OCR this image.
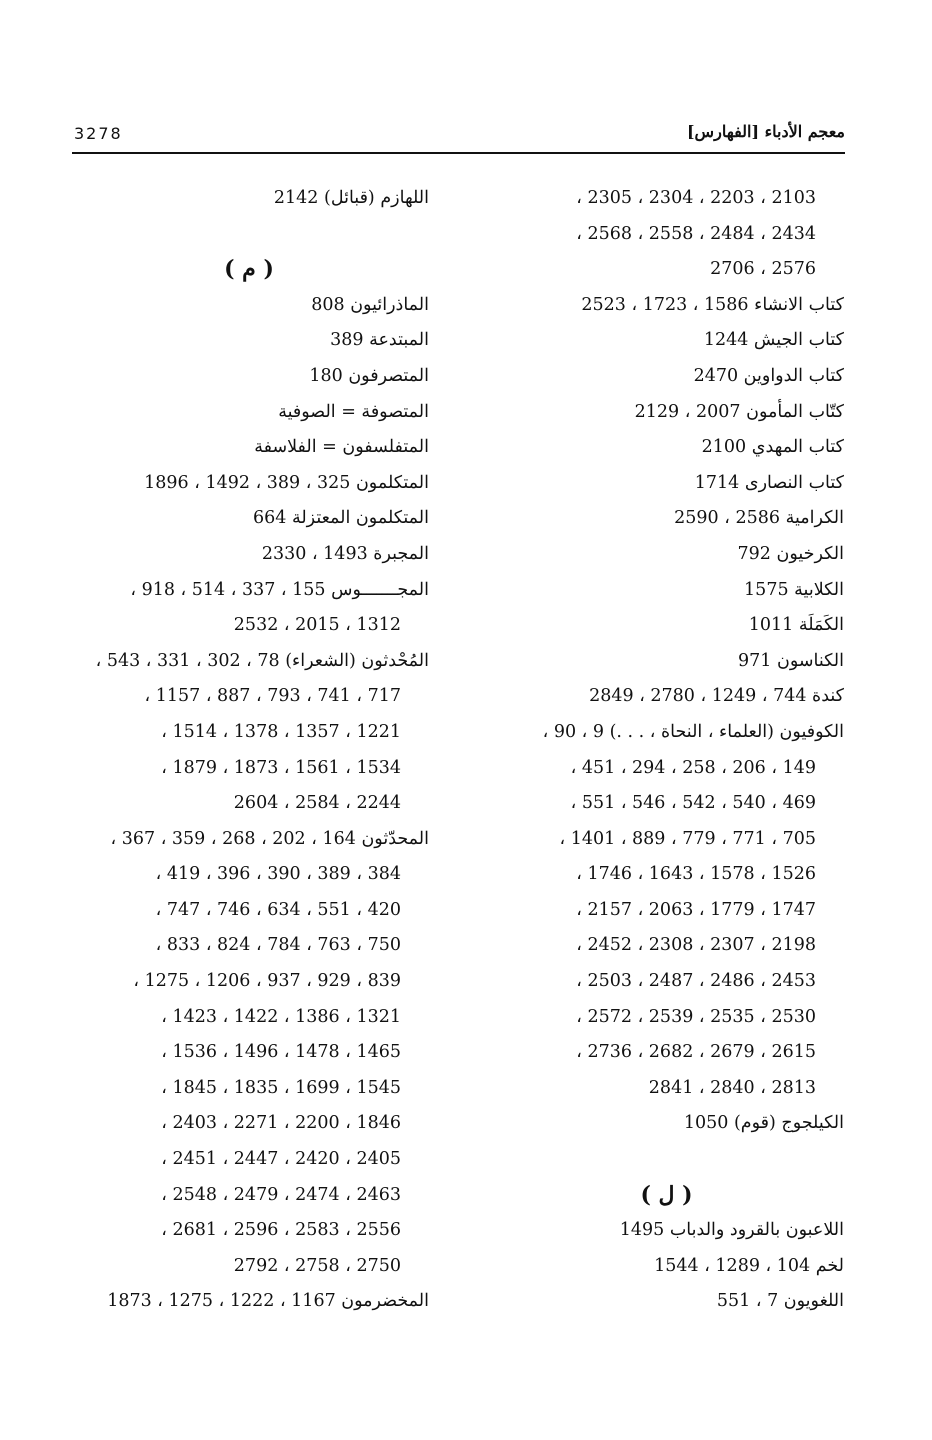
معجم الأدباء [الفهارس]
3278
2103 ، 2203 ، 2304 ، 2305 ،
2434 ، 2484 ، 2558 ، 2568 ،
2576 ، 2706
كتاب الانشاء 1586 ، 1723 ، 2523
كتاب الجيش 1244
كتاب الدواوين 2470
كتّاب المأمون 2007 ، 2129
كتاب المهدي 2100
كتاب النصارى 1714
الكرامية 2586 ، 2590
الكرخيون 792
الكلابية 1575
الكَمَلَة 1011
الكناسون 971
كندة 744 ، 1249 ، 2780 ، 2849
الكوفيون (العلماء ، النحاة ، . . .) 9 ، 90 ،
149 ، 206 ، 258 ، 294 ، 451 ،
469 ، 540 ، 542 ، 546 ، 551 ،
705 ، 771 ، 779 ، 889 ، 1401 ،
1526 ، 1578 ، 1643 ، 1746 ،
1747 ، 1779 ، 2063 ، 2157 ،
2198 ، 2307 ، 2308 ، 2452 ،
2453 ، 2486 ، 2487 ، 2503 ،
2530 ، 2535 ، 2539 ، 2572 ،
2615 ، 2679 ، 2682 ، 2736 ،
2813 ، 2840 ، 2841
الكيلجوج (قوم) 1050
( ل )
اللاعبون بالقرود والدباب 1495
لخم 104 ، 1289 ، 1544
اللغويون 7 ، 551
اللهازم (قبائل) 2142
( م )
الماذرائيون 808
المبتدعة 389
المتصرفون 180
المتصوفة = الصوفية
المتفلسفون = الفلاسفة
المتكلمون 325 ، 389 ، 1492 ، 1896
المتكلمون المعتزلة 664
المجبرة 1493 ، 2330
المجـــــــوس 155 ، 337 ، 514 ، 918 ،
1312 ، 2015 ، 2532
المُحْدثون (الشعراء) 78 ، 302 ، 331 ، 543 ،
717 ، 741 ، 793 ، 887 ، 1157 ،
1221 ، 1357 ، 1378 ، 1514 ،
1534 ، 1561 ، 1873 ، 1879 ،
2244 ، 2584 ، 2604
المحدّثون 164 ، 202 ، 268 ، 359 ، 367 ،
384 ، 389 ، 390 ، 396 ، 419 ،
420 ، 551 ، 634 ، 746 ، 747 ،
750 ، 763 ، 784 ، 824 ، 833 ،
839 ، 929 ، 937 ، 1206 ، 1275 ،
1321 ، 1386 ، 1422 ، 1423 ،
1465 ، 1478 ، 1496 ، 1536 ،
1545 ، 1699 ، 1835 ، 1845 ،
1846 ، 2200 ، 2271 ، 2403 ،
2405 ، 2420 ، 2447 ، 2451 ،
2463 ، 2474 ، 2479 ، 2548 ،
2556 ، 2583 ، 2596 ، 2681 ،
2750 ، 2758 ، 2792
المخضرمون 1167 ، 1222 ، 1275 ، 1873
